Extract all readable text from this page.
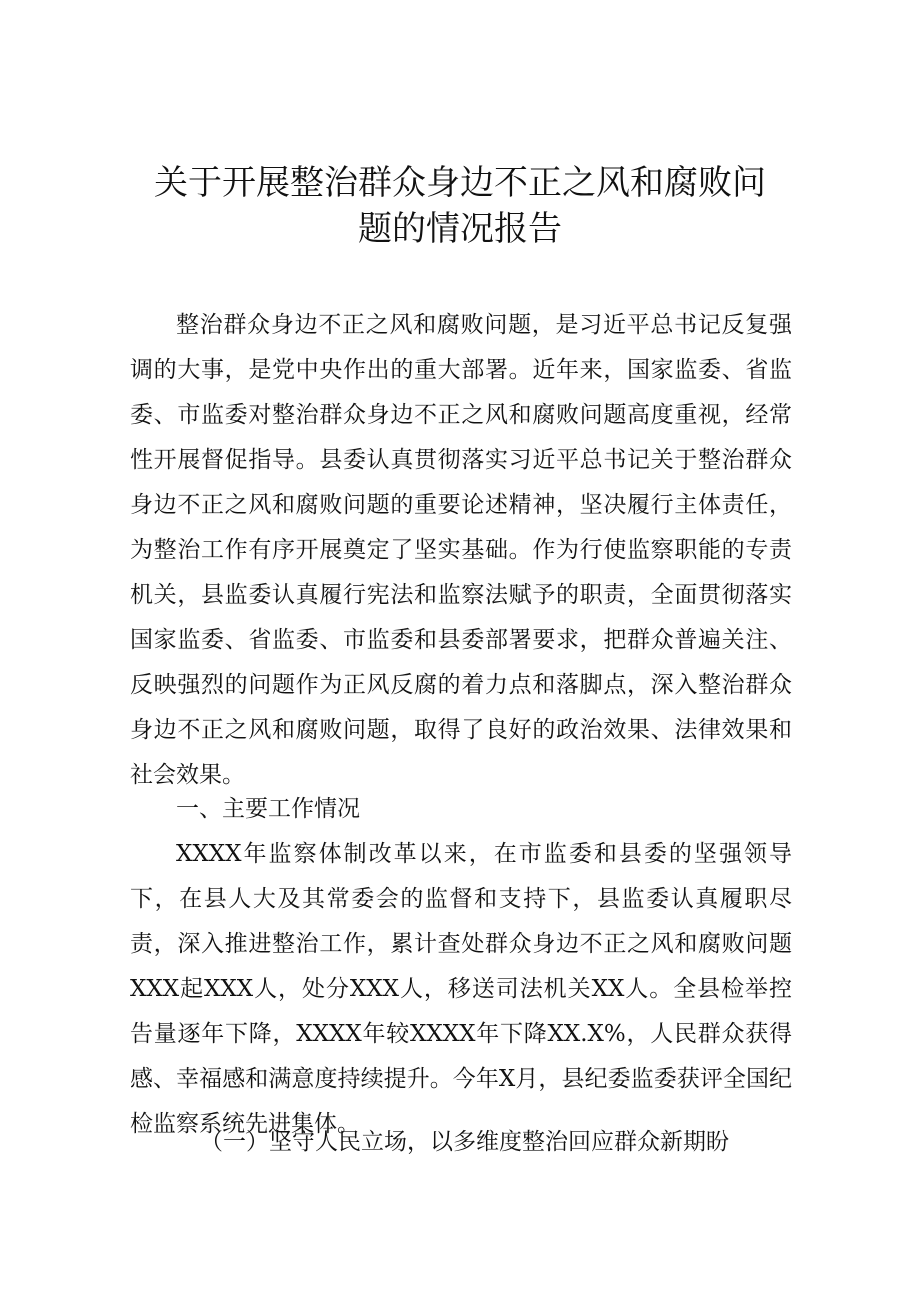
关于开展整治群众身边不正之风和腐败问
题的情况报告

整治群众身边不正之风和腐败问题，是习近平总书记反复强调的大事，是党中央作出的重大部署。近年来，国家监委、省监委、市监委对整治群众身边不正之风和腐败问题高度重视，经常性开展督促指导。县委认真贯彻落实习近平总书记关于整治群众身边不正之风和腐败问题的重要论述精神，坚决履行主体责任，为整治工作有序开展奠定了坚实基础。作为行使监察职能的专责机关，县监委认真履行宪法和监察法赋予的职责，全面贯彻落实国家监委、省监委、市监委和县委部署要求，把群众普遍关注、反映强烈的问题作为正风反腐的着力点和落脚点，深入整治群众身边不正之风和腐败问题，取得了良好的政治效果、法律效果和社会效果。

一、主要工作情况

XXXX年监察体制改革以来，在市监委和县委的坚强领导下，在县人大及其常委会的监督和支持下，县监委认真履职尽责，深入推进整治工作，累计查处群众身边不正之风和腐败问题XXX起XXX人，处分XXX人，移送司法机关XX人。全县检举控告量逐年下降，XXXX年较XXXX年下降XX.X%，人民群众获得感、幸福感和满意度持续提升。今年X月，县纪委监委获评全国纪检监察系统先进集体。

（一）坚守人民立场，以多维度整治回应群众新期盼
